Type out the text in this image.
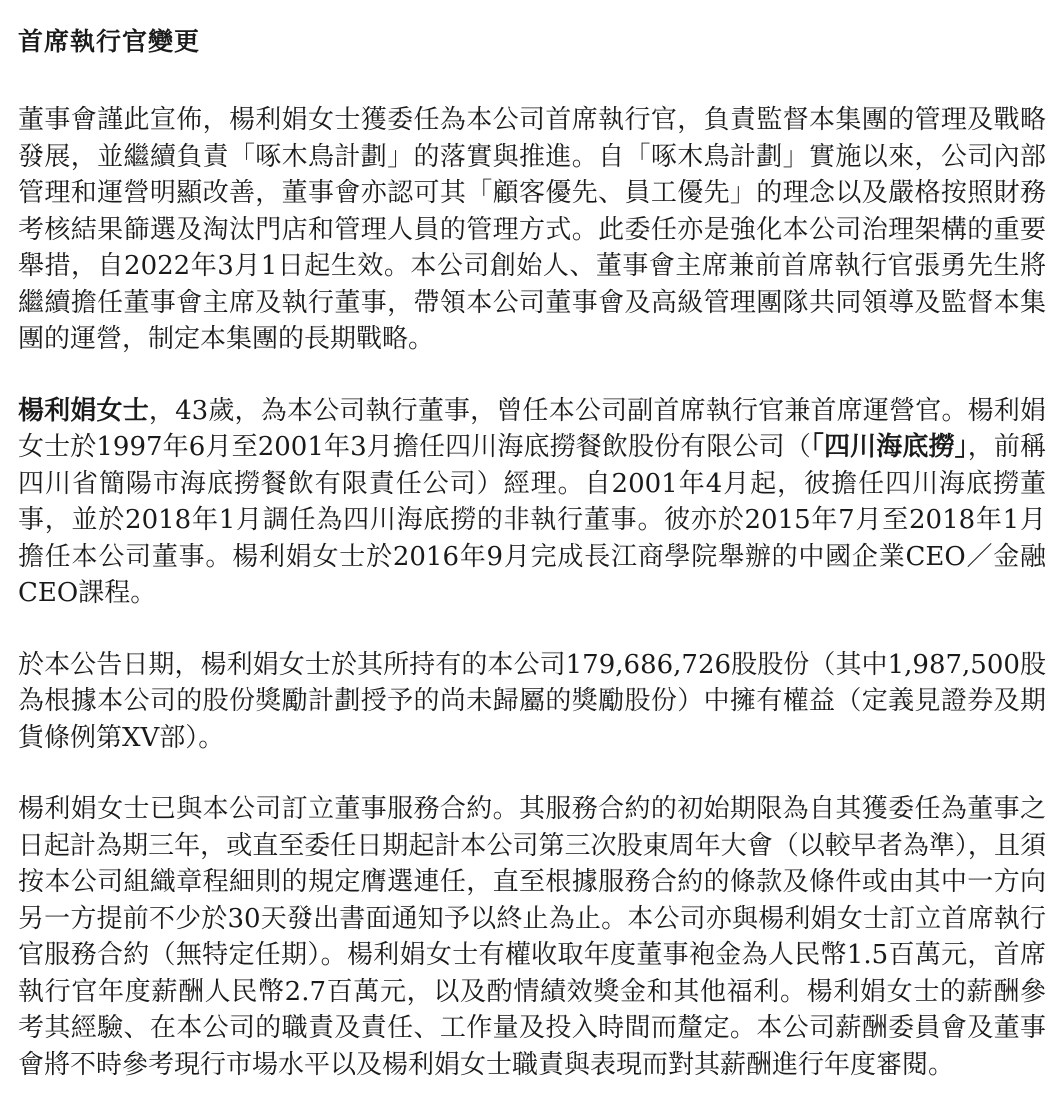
首席執行官變更

董事會謹此宣佈，楊利娟女士獲委任為本公司首席執行官，負責監督本集團的管理及戰略發展，並繼續負責「啄木鳥計劃」的落實與推進。自「啄木鳥計劃」實施以來，公司內部管理和運營明顯改善，董事會亦認可其「顧客優先、員工優先」的理念以及嚴格按照財務考核結果篩選及淘汰門店和管理人員的管理方式。此委任亦是強化本公司治理架構的重要舉措，自2022年3月1日起生效。本公司創始人、董事會主席兼前首席執行官張勇先生將繼續擔任董事會主席及執行董事，帶領本公司董事會及高級管理團隊共同領導及監督本集團的運營，制定本集團的長期戰略。

楊利娟女士，43歲，為本公司執行董事，曾任本公司副首席執行官兼首席運營官。楊利娟女士於1997年6月至2001年3月擔任四川海底撈餐飲股份有限公司（「四川海底撈」，前稱四川省簡陽市海底撈餐飲有限責任公司）經理。自2001年4月起，彼擔任四川海底撈董事，並於2018年1月調任為四川海底撈的非執行董事。彼亦於2015年7月至2018年1月擔任本公司董事。楊利娟女士於2016年9月完成長江商學院舉辦的中國企業CEO／金融CEO課程。

於本公告日期，楊利娟女士於其所持有的本公司179,686,726股股份（其中1,987,500股為根據本公司的股份獎勵計劃授予的尚未歸屬的獎勵股份）中擁有權益（定義見證券及期貨條例第XV部）。

楊利娟女士已與本公司訂立董事服務合約。其服務合約的初始期限為自其獲委任為董事之日起計為期三年，或直至委任日期起計本公司第三次股東周年大會（以較早者為準），且須按本公司組織章程細則的規定膺選連任，直至根據服務合約的條款及條件或由其中一方向另一方提前不少於30天發出書面通知予以終止為止。本公司亦與楊利娟女士訂立首席執行官服務合約（無特定任期）。楊利娟女士有權收取年度董事袍金為人民幣1.5百萬元，首席執行官年度薪酬人民幣2.7百萬元，以及酌情績效獎金和其他福利。楊利娟女士的薪酬參考其經驗、在本公司的職責及責任、工作量及投入時間而釐定。本公司薪酬委員會及董事會將不時參考現行市場水平以及楊利娟女士職責與表現而對其薪酬進行年度審閱。
